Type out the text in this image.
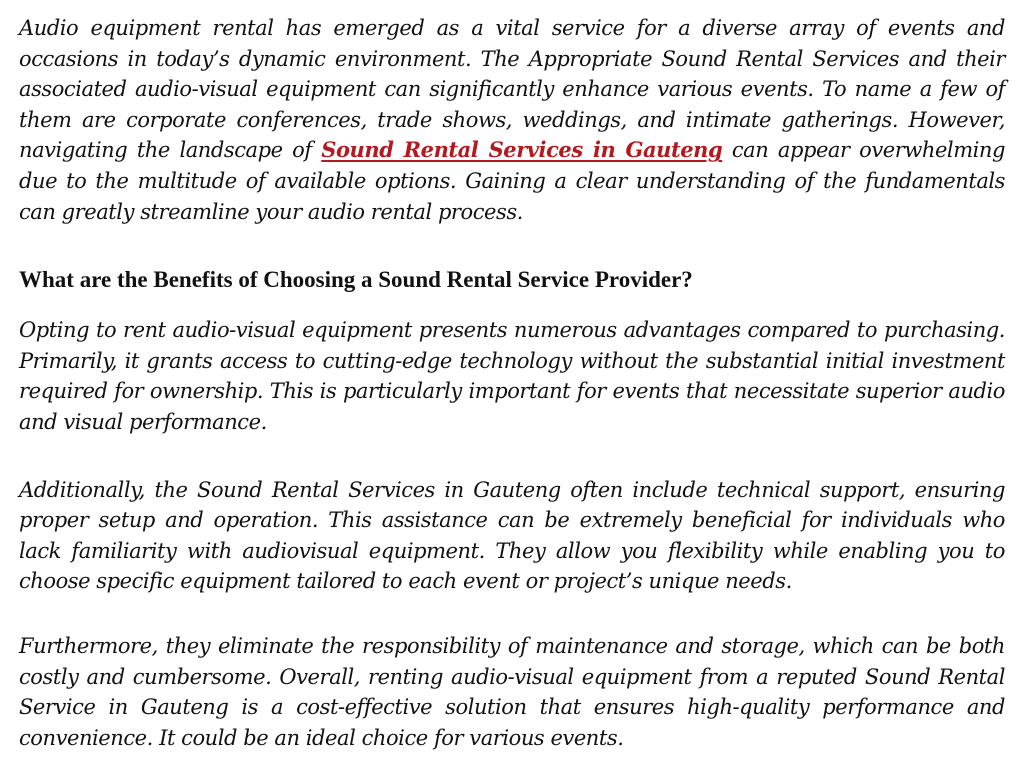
Audio equipment rental has emerged as a vital service for a diverse array of events and occasions in today’s dynamic environment. The Appropriate Sound Rental Services and their associated audio-visual equipment can significantly enhance various events. To name a few of them are corporate conferences, trade shows, weddings, and intimate gatherings. However, navigating the landscape of Sound Rental Services in Gauteng can appear overwhelming due to the multitude of available options. Gaining a clear understanding of the fundamentals can greatly streamline your audio rental process.

What are the Benefits of Choosing a Sound Rental Service Provider?

Opting to rent audio-visual equipment presents numerous advantages compared to purchasing. Primarily, it grants access to cutting-edge technology without the substantial initial investment required for ownership. This is particularly important for events that necessitate superior audio and visual performance.

Additionally, the Sound Rental Services in Gauteng often include technical support, ensuring proper setup and operation. This assistance can be extremely beneficial for individuals who lack familiarity with audiovisual equipment. They allow you flexibility while enabling you to choose specific equipment tailored to each event or project’s unique needs.

Furthermore, they eliminate the responsibility of maintenance and storage, which can be both costly and cumbersome. Overall, renting audio-visual equipment from a reputed Sound Rental Service in Gauteng is a cost-effective solution that ensures high-quality performance and convenience. It could be an ideal choice for various events.
